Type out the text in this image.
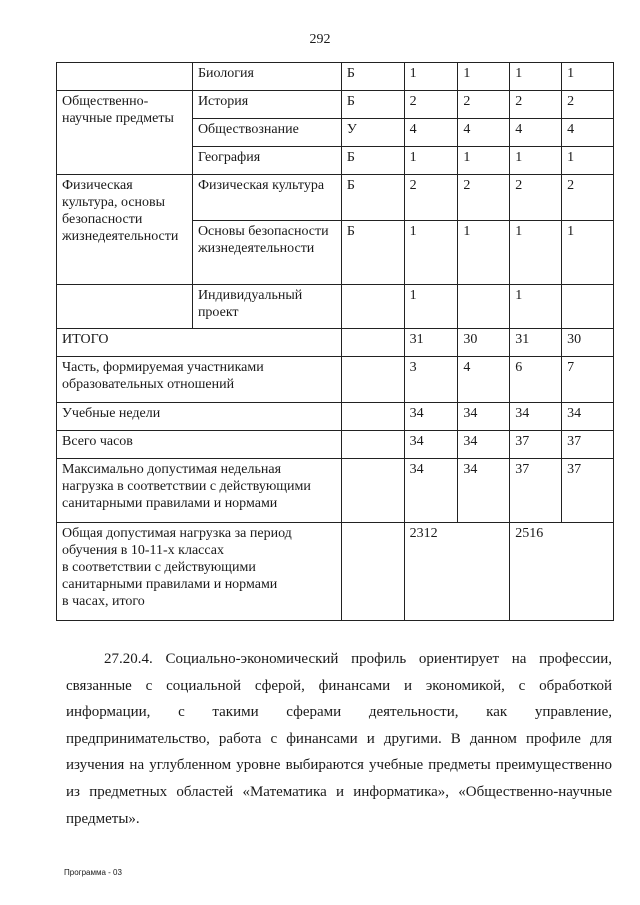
292
	Биология	Б	1	1	1	1
Общественно-научные предметы	История	Б	2	2	2	2
	Обществознание	У	4	4	4	4
	География	Б	1	1	1	1
Физическая культура, основы безопасности жизнедеятельности	Физическая культура	Б	2	2	2	2
	Основы безопасности жизнедеятельности	Б	1	1	1	1
	Индивидуальный проект		1		1	
ИТОГО			31	30	31	30
Часть, формируемая участниками образовательных отношений			3	4	6	7
Учебные недели			34	34	34	34
Всего часов			34	34	37	37
Максимально допустимая недельная нагрузка в соответствии с действующими санитарными правилами и нормами			34	34	37	37

Общая допустимая нагрузка за период
обучения в 10-11-х классах
в соответствии с действующими
санитарными правилами и нормами
в часах, итого			2312		2516	

27.20.4. Социально-экономический профиль ориентирует на профессии, связанные с социальной сферой, финансами и экономикой, с обработкой информации, с такими сферами деятельности, как управление, предпринимательство, работа с финансами и другими. В данном профиле для изучения на углубленном уровне выбираются учебные предметы преимущественно из предметных областей «Математика и информатика», «Общественно-научные предметы».

Программа - 03
